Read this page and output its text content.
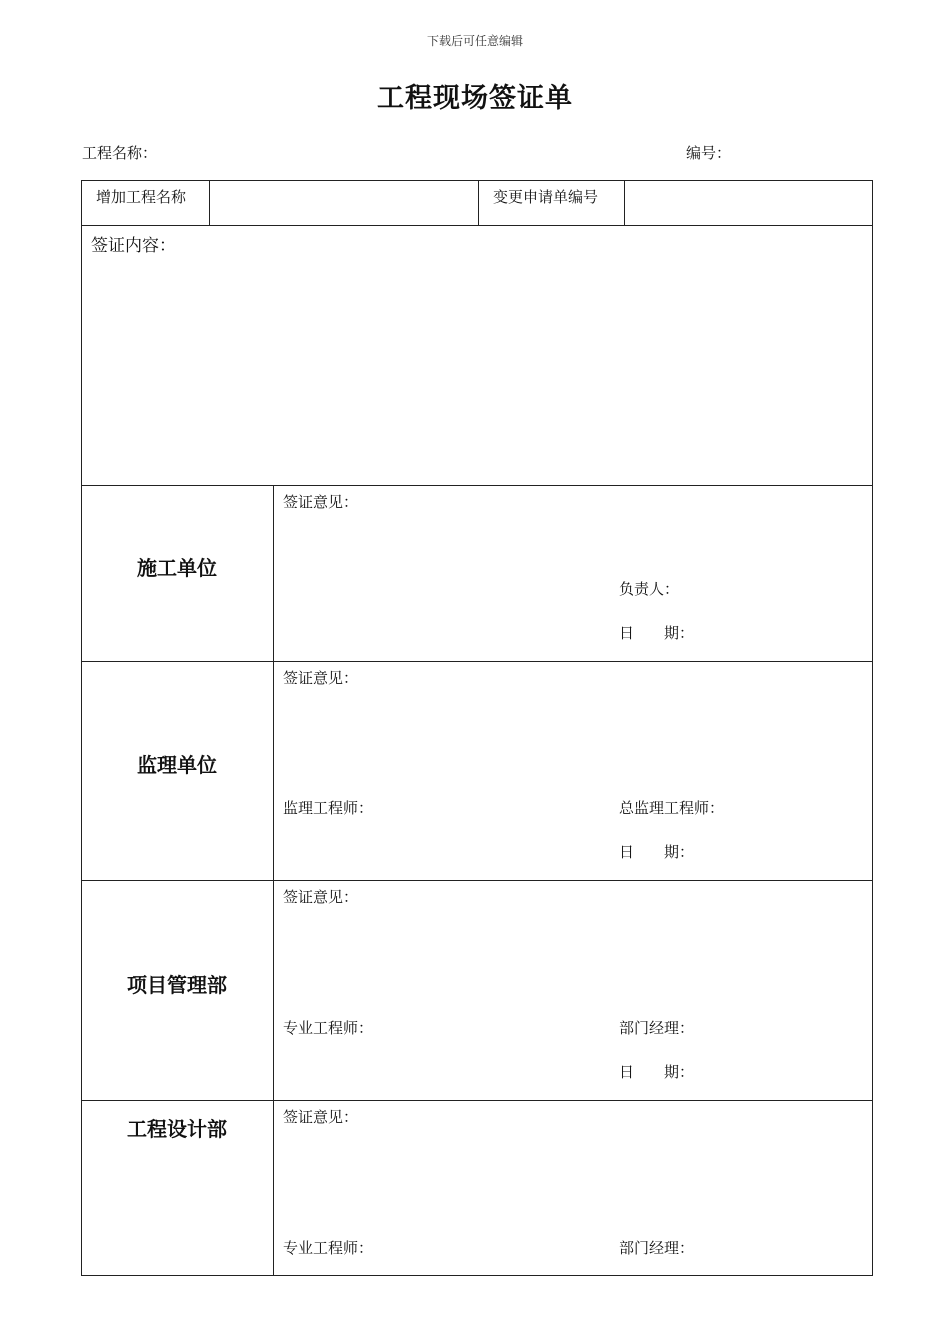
下载后可任意编辑
工程现场签证单
工程名称：	编号：
增加工程名称	变更申请单编号
签证内容：
施工单位
签证意见：
负责人：
日　　期：
监理单位
签证意见：
监理工程师：	总监理工程师：
日　　期：
项目管理部
签证意见：
专业工程师：	部门经理：
日　　期：
工程设计部	签证意见：
专业工程师：	部门经理：
